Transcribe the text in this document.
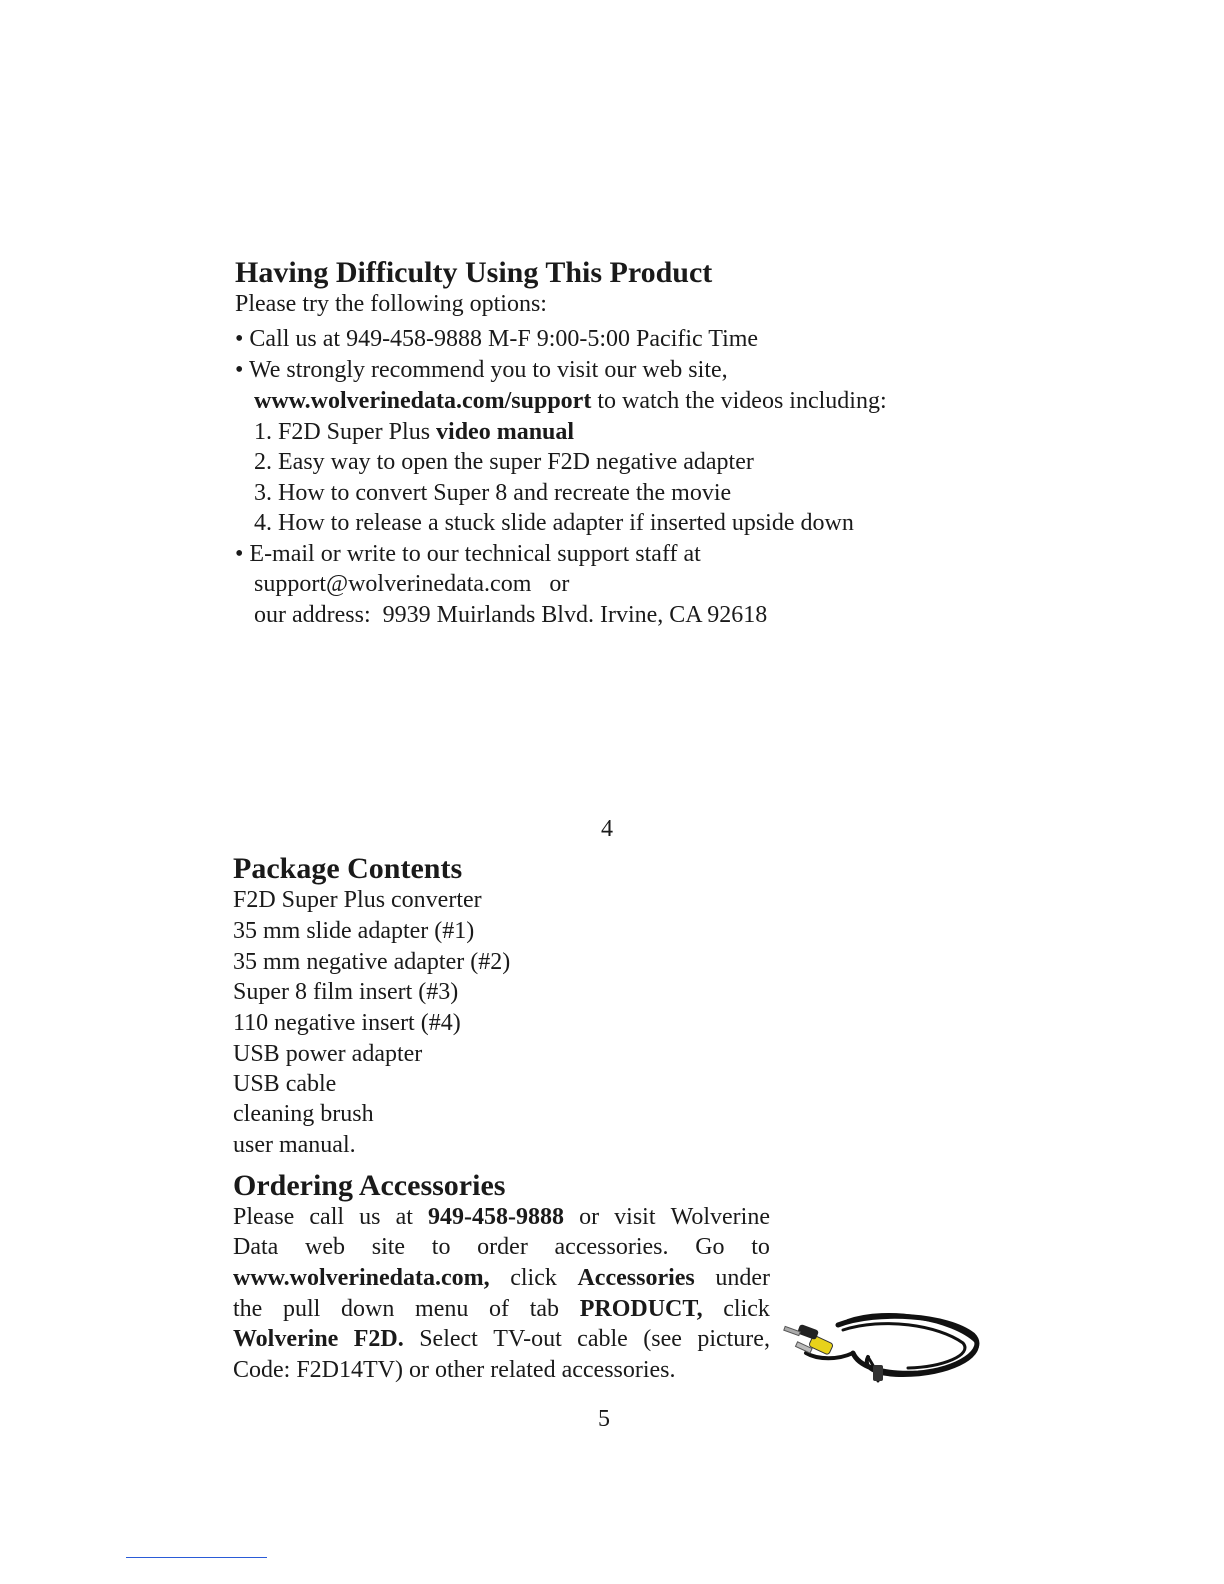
Having Difficulty Using This Product
Please try the following options:
• Call us at 949-458-9888 M-F 9:00-5:00 Pacific Time
• We strongly recommend you to visit our web site,
www.wolverinedata.com/support to watch the videos including:
1. F2D Super Plus video manual
2. Easy way to open the super F2D negative adapter
3. How to convert Super 8 and recreate the movie
4. How to release a stuck slide adapter if inserted upside down
• E-mail or write to our technical support staff at
support@wolverinedata.com   or
our address:  9939 Muirlands Blvd. Irvine, CA 92618
4
Package Contents
F2D Super Plus converter
35 mm slide adapter (#1)
35 mm negative adapter (#2)
Super 8 film insert (#3)
110 negative insert (#4)
USB power adapter
USB cable
cleaning brush
user manual.
Ordering Accessories
Please call us at 949-458-9888 or visit Wolverine
Data web site to order accessories. Go to
www.wolverinedata.com, click Accessories under
the pull down menu of tab PRODUCT, click
Wolverine F2D. Select TV-out cable (see picture,
Code: F2D14TV) or other related accessories.
5
